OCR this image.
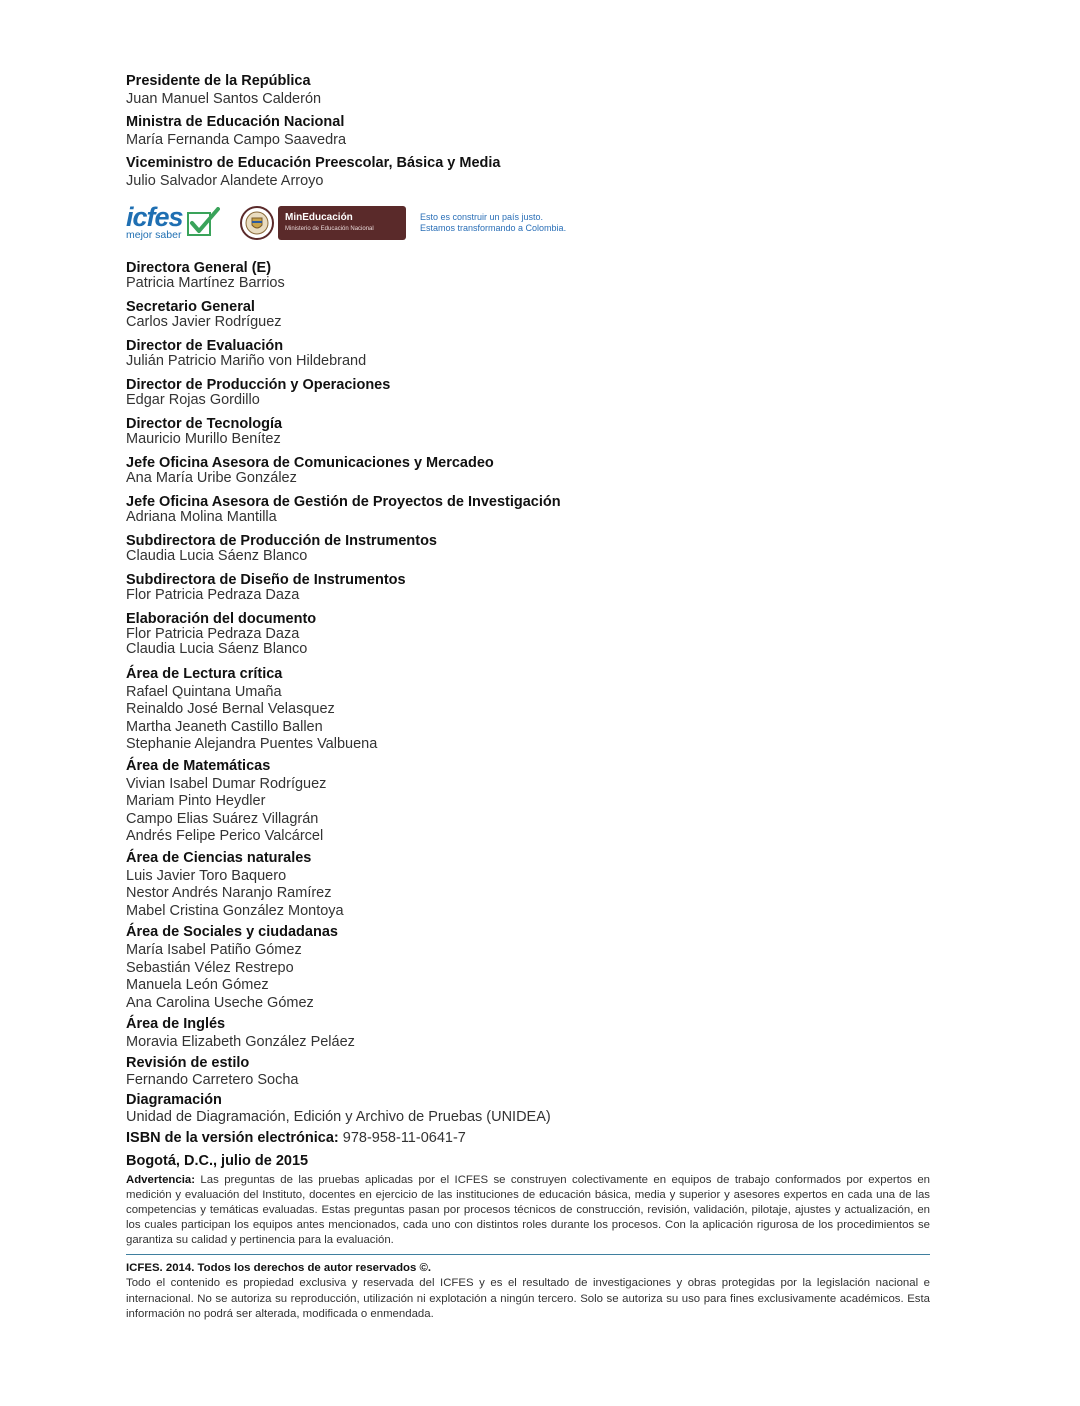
Presidente de la República
Juan Manuel Santos Calderón
Ministra de Educación Nacional
María Fernanda Campo Saavedra
Viceministro de Educación Preescolar, Básica y Media
Julio Salvador Alandete Arroyo
icfes
mejor saber
MinEducación
Ministerio de Educación Nacional
Esto es construir un país justo.
Estamos transformando a Colombia.
Directora General (E)
Patricia Martínez Barrios
Secretario General
Carlos Javier Rodríguez
Director de Evaluación
Julián Patricio Mariño von Hildebrand
Director de Producción y Operaciones
Edgar Rojas Gordillo
Director de Tecnología
Mauricio Murillo Benítez
Jefe Oficina Asesora de Comunicaciones y Mercadeo
Ana María Uribe González
Jefe Oficina Asesora de Gestión de Proyectos de Investigación
Adriana Molina Mantilla
Subdirectora de Producción de Instrumentos
Claudia Lucia Sáenz Blanco
Subdirectora de Diseño de Instrumentos
Flor Patricia Pedraza Daza
Elaboración del documento
Flor Patricia Pedraza Daza
Claudia Lucia Sáenz Blanco
Área de Lectura crítica
Rafael Quintana Umaña
Reinaldo José Bernal Velasquez
Martha Jeaneth Castillo Ballen
Stephanie Alejandra Puentes Valbuena
Área de Matemáticas
Vivian Isabel Dumar Rodríguez
Mariam Pinto Heydler
Campo Elias Suárez Villagrán
Andrés Felipe Perico Valcárcel
Área de Ciencias naturales
Luis Javier Toro Baquero
Nestor Andrés Naranjo Ramírez
Mabel Cristina González Montoya
Área de Sociales y ciudadanas
María Isabel Patiño Gómez
Sebastián Vélez Restrepo
Manuela León Gómez
Ana Carolina Useche Gómez
Área de Inglés
Moravia Elizabeth González Peláez
Revisión de estilo
Fernando Carretero Socha
Diagramación
Unidad de Diagramación, Edición y Archivo de Pruebas (UNIDEA)
ISBN de la versión electrónica: 978-958-11-0641-7
Bogotá, D.C., julio de 2015
Advertencia: Las preguntas de las pruebas aplicadas por el ICFES se construyen colectivamente en equipos de trabajo conformados por expertos en medición y evaluación del Instituto, docentes en ejercicio de las instituciones de educación básica, media y superior y asesores expertos en cada una de las competencias y temáticas evaluadas. Estas preguntas pasan por procesos técnicos de construcción, revisión, validación, pilotaje, ajustes y actualización, en los cuales participan los equipos antes mencionados, cada uno con distintos roles durante los procesos. Con la aplicación rigurosa de los procedimientos se garantiza su calidad y pertinencia para la evaluación.
ICFES. 2014. Todos los derechos de autor reservados ©.
Todo el contenido es propiedad exclusiva y reservada del ICFES y es el resultado de investigaciones y obras protegidas por la legislación nacional e internacional. No se autoriza su reproducción, utilización ni explotación a ningún tercero. Solo se autoriza su uso para fines exclusivamente académicos. Esta información no podrá ser alterada, modificada o enmendada.
